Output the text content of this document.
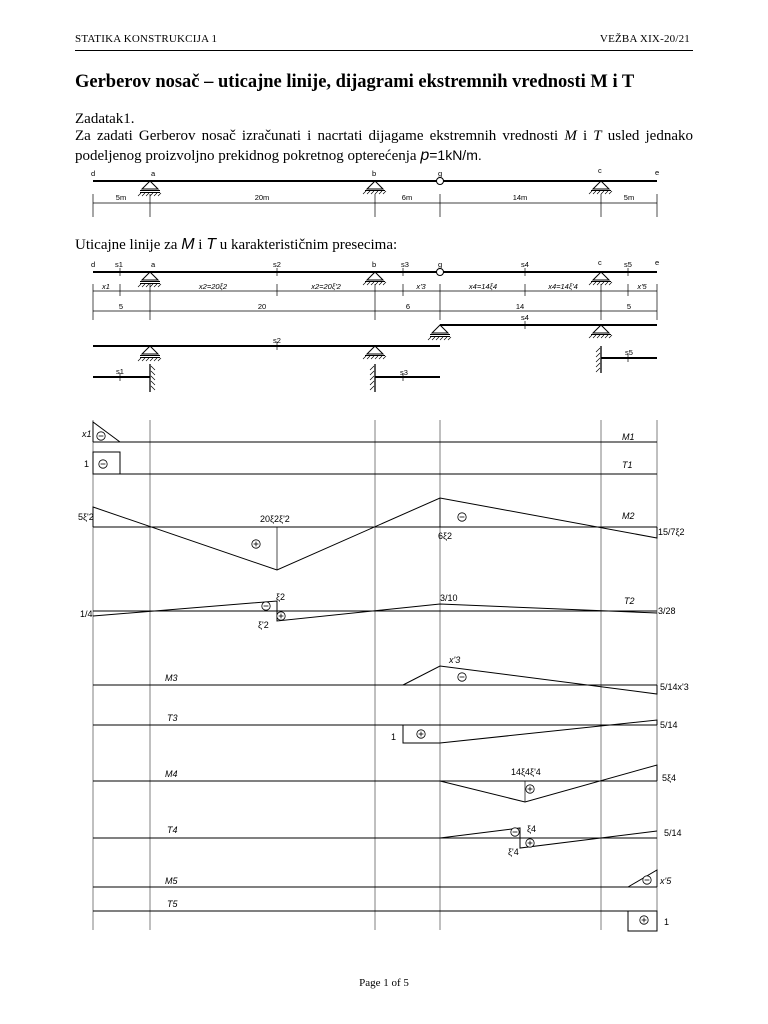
STATIKA KONSTRUKCIJA 1	VEŽBA XIX-20/21
Gerberov nosač – uticajne linije, dijagrami ekstremnih vrednosti M i T
Zadatak1.

Za zadati Gerberov nosač izračunati i nacrtati dijagame ekstremnih vrednosti M i T usled jednako podeljenog proizvoljno prekidnog pokretnog opterećenja p=1kN/m.

Uticajne linije za M i T u karakterističnim presecima:
d	a	b	g	c	e
5m	20m	6m	14m	5m
d	s1	a	s2	b	s3	g	s4	c	s5	e
x1	x2=20ξ2	x2=20ξ'2	x'3	x4=14ξ4	x4=14ξ'4	x'5
5	20	6	14	5
s4
s2
s5
s1	s3
x1	M1
1	T1
5ξ'2	20ξ2ξ'2
6ξ2	15/7ξ2
M2
1/4
ξ2
ξ'2
3/10
3/28
T2
x'3
5/14x'3
M3
1
5/14
T3
14ξ4ξ'4
5ξ4
M4
ξ4
ξ'4
5/14
T4
x'5
M5
1
T5
Page 1 of 5
